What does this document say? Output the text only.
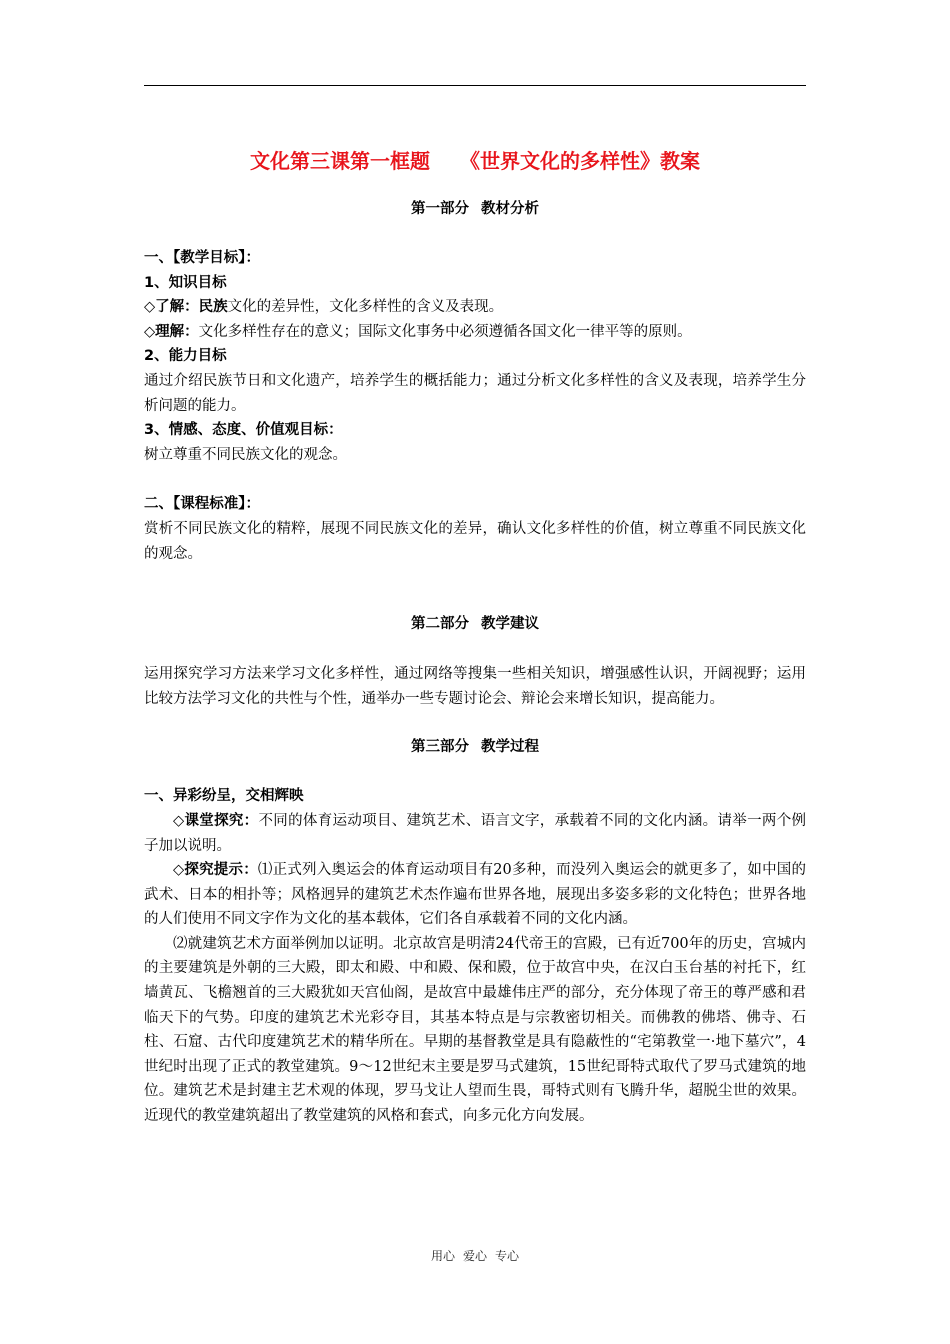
文化第三课第一框题 《世界文化的多样性》教案

第一部分 教材分析

一、【教学目标】：

1、知识目标

◇了解：民族文化的差异性，文化多样性的含义及表现。

◇理解：文化多样性存在的意义；国际文化事务中必须遵循各国文化一律平等的原则。

2、能力目标

通过介绍民族节日和文化遗产，培养学生的概括能力；通过分析文化多样性的含义及表现，培养学生分析问题的能力。

3、情感、态度、价值观目标：

树立尊重不同民族文化的观念。

二、【课程标准】：

赏析不同民族文化的精粹，展现不同民族文化的差异，确认文化多样性的价值，树立尊重不同民族文化的观念。

第二部分 教学建议

运用探究学习方法来学习文化多样性，通过网络等搜集一些相关知识，增强感性认识，开阔视野；运用比较方法学习文化的共性与个性，通举办一些专题讨论会、辩论会来增长知识，提高能力。

第三部分 教学过程

一、异彩纷呈，交相辉映

◇课堂探究：不同的体育运动项目、建筑艺术、语言文字，承载着不同的文化内涵。请举一两个例子加以说明。

◇探究提示：⑴正式列入奥运会的体育运动项目有20多种，而没列入奥运会的就更多了，如中国的武术、日本的相扑等；风格迥异的建筑艺术杰作遍布世界各地，展现出多姿多彩的文化特色；世界各地的人们使用不同文字作为文化的基本载体，它们各自承载着不同的文化内涵。

⑵就建筑艺术方面举例加以证明。北京故宫是明清24代帝王的宫殿，已有近700年的历史，宫城内的主要建筑是外朝的三大殿，即太和殿、中和殿、保和殿，位于故宫中央，在汉白玉台基的衬托下，红墙黄瓦、飞檐翘首的三大殿犹如天宫仙阁，是故宫中最雄伟庄严的部分，充分体现了帝王的尊严感和君临天下的气势。印度的建筑艺术光彩夺目，其基本特点是与宗教密切相关。而佛教的佛塔、佛寺、石柱、石窟、古代印度建筑艺术的精华所在。早期的基督教堂是具有隐蔽性的“宅第教堂一·地下墓穴”，4世纪时出现了正式的教堂建筑。9～12世纪末主要是罗马式建筑，15世纪哥特式取代了罗马式建筑的地位。建筑艺术是封建主艺术观的体现，罗马戈让人望而生畏，哥特式则有飞腾升华，超脱尘世的效果。近现代的教堂建筑超出了教堂建筑的风格和套式，向多元化方向发展。

用心 爱心 专心
